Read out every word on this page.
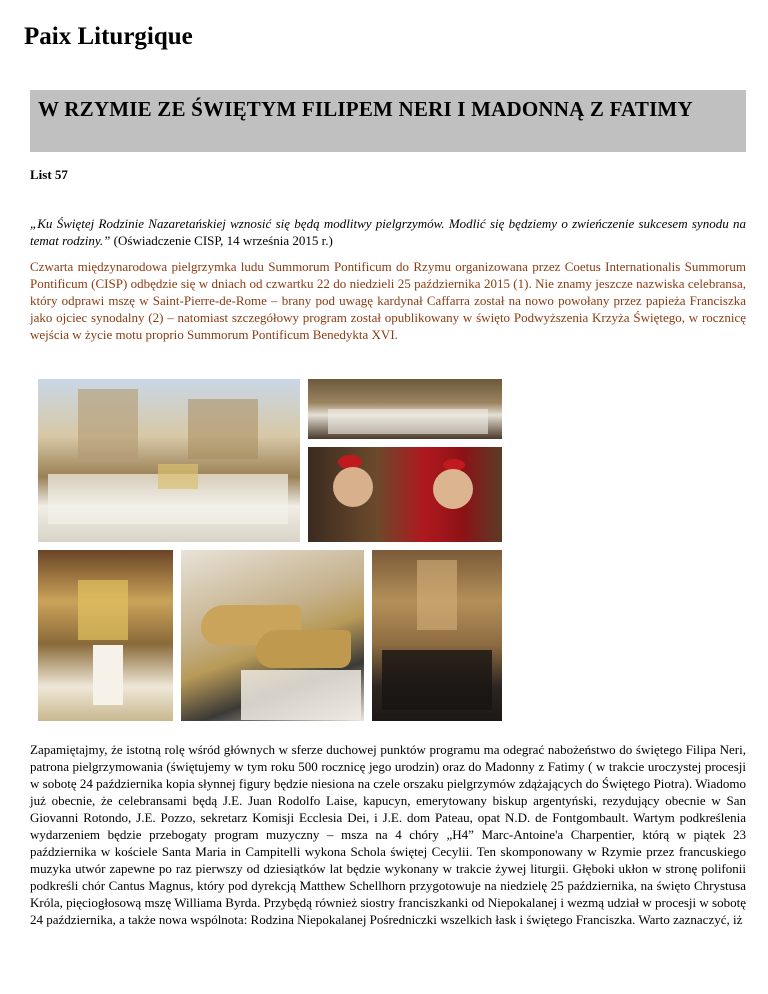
Paix Liturgique
W RZYMIE ZE ŚWIĘTYM FILIPEM NERI I MADONNĄ Z FATIMY
List 57

„Ku Świętej Rodzinie Nazaretańskiej wznosić się będą modlitwy pielgrzymów. Modlić się będziemy o zwieńczenie sukcesem synodu na temat rodziny.” (Oświadczenie CISP, 14 września 2015 r.)

Czwarta międzynarodowa pielgrzymka ludu Summorum Pontificum do Rzymu organizowana przez Coetus Internationalis Summorum Pontificum (CISP) odbędzie się w dniach od czwartku 22 do niedzieli 25 października 2015 (1). Nie znamy jeszcze nazwiska celebransa, który odprawi mszę w Saint-Pierre-de-Rome – brany pod uwagę kardynał Caffarra został na nowo powołany przez papieża Franciszka jako ojciec synodalny (2) – natomiast szczegółowy program został opublikowany w święto Podwyższenia Krzyża Świętego, w rocznicę wejścia w życie motu proprio Summorum Pontificum Benedykta XVI.

Zapamiętajmy, że istotną rolę wśród głównych w sferze duchowej punktów programu ma odegrać nabożeństwo do świętego Filipa Neri, patrona pielgrzymowania (świętujemy w tym roku 500 rocznicę jego urodzin) oraz do Madonny z Fatimy ( w trakcie uroczystej procesji w sobotę 24 października kopia słynnej figury będzie niesiona na czele orszaku pielgrzymów zdążających do Świętego Piotra). Wiadomo już obecnie, że celebransami będą J.E. Juan Rodolfo Laise, kapucyn, emerytowany biskup argentyński, rezydujący obecnie w San Giovanni Rotondo, J.E. Pozzo, sekretarz Komisji Ecclesia Dei, i J.E. dom Pateau, opat N.D. de Fontgombault. Wartym podkreślenia wydarzeniem będzie przebogaty program muzyczny – msza na 4 chóry „H4” Marc-Antoine'a Charpentier, którą w piątek 23 października w kościele Santa Maria in Campitelli wykona Schola świętej Cecylii. Ten skomponowany w Rzymie przez francuskiego muzyka utwór zapewne po raz pierwszy od dziesiątków lat będzie wykonany w trakcie żywej liturgii. Głęboki ukłon w stronę polifonii podkreśli chór Cantus Magnus, który pod dyrekcją Matthew Schellhorn przygotowuje na niedzielę 25 października, na święto Chrystusa Króla, pięciogłosową mszę Williama Byrda. Przybędą również siostry franciszkanki od Niepokalanej i wezmą udział w procesji w sobotę 24 października, a także nowa wspólnota: Rodzina Niepokalanej Pośredniczki wszelkich łask i świętego Franciszka. Warto zaznaczyć, iż
